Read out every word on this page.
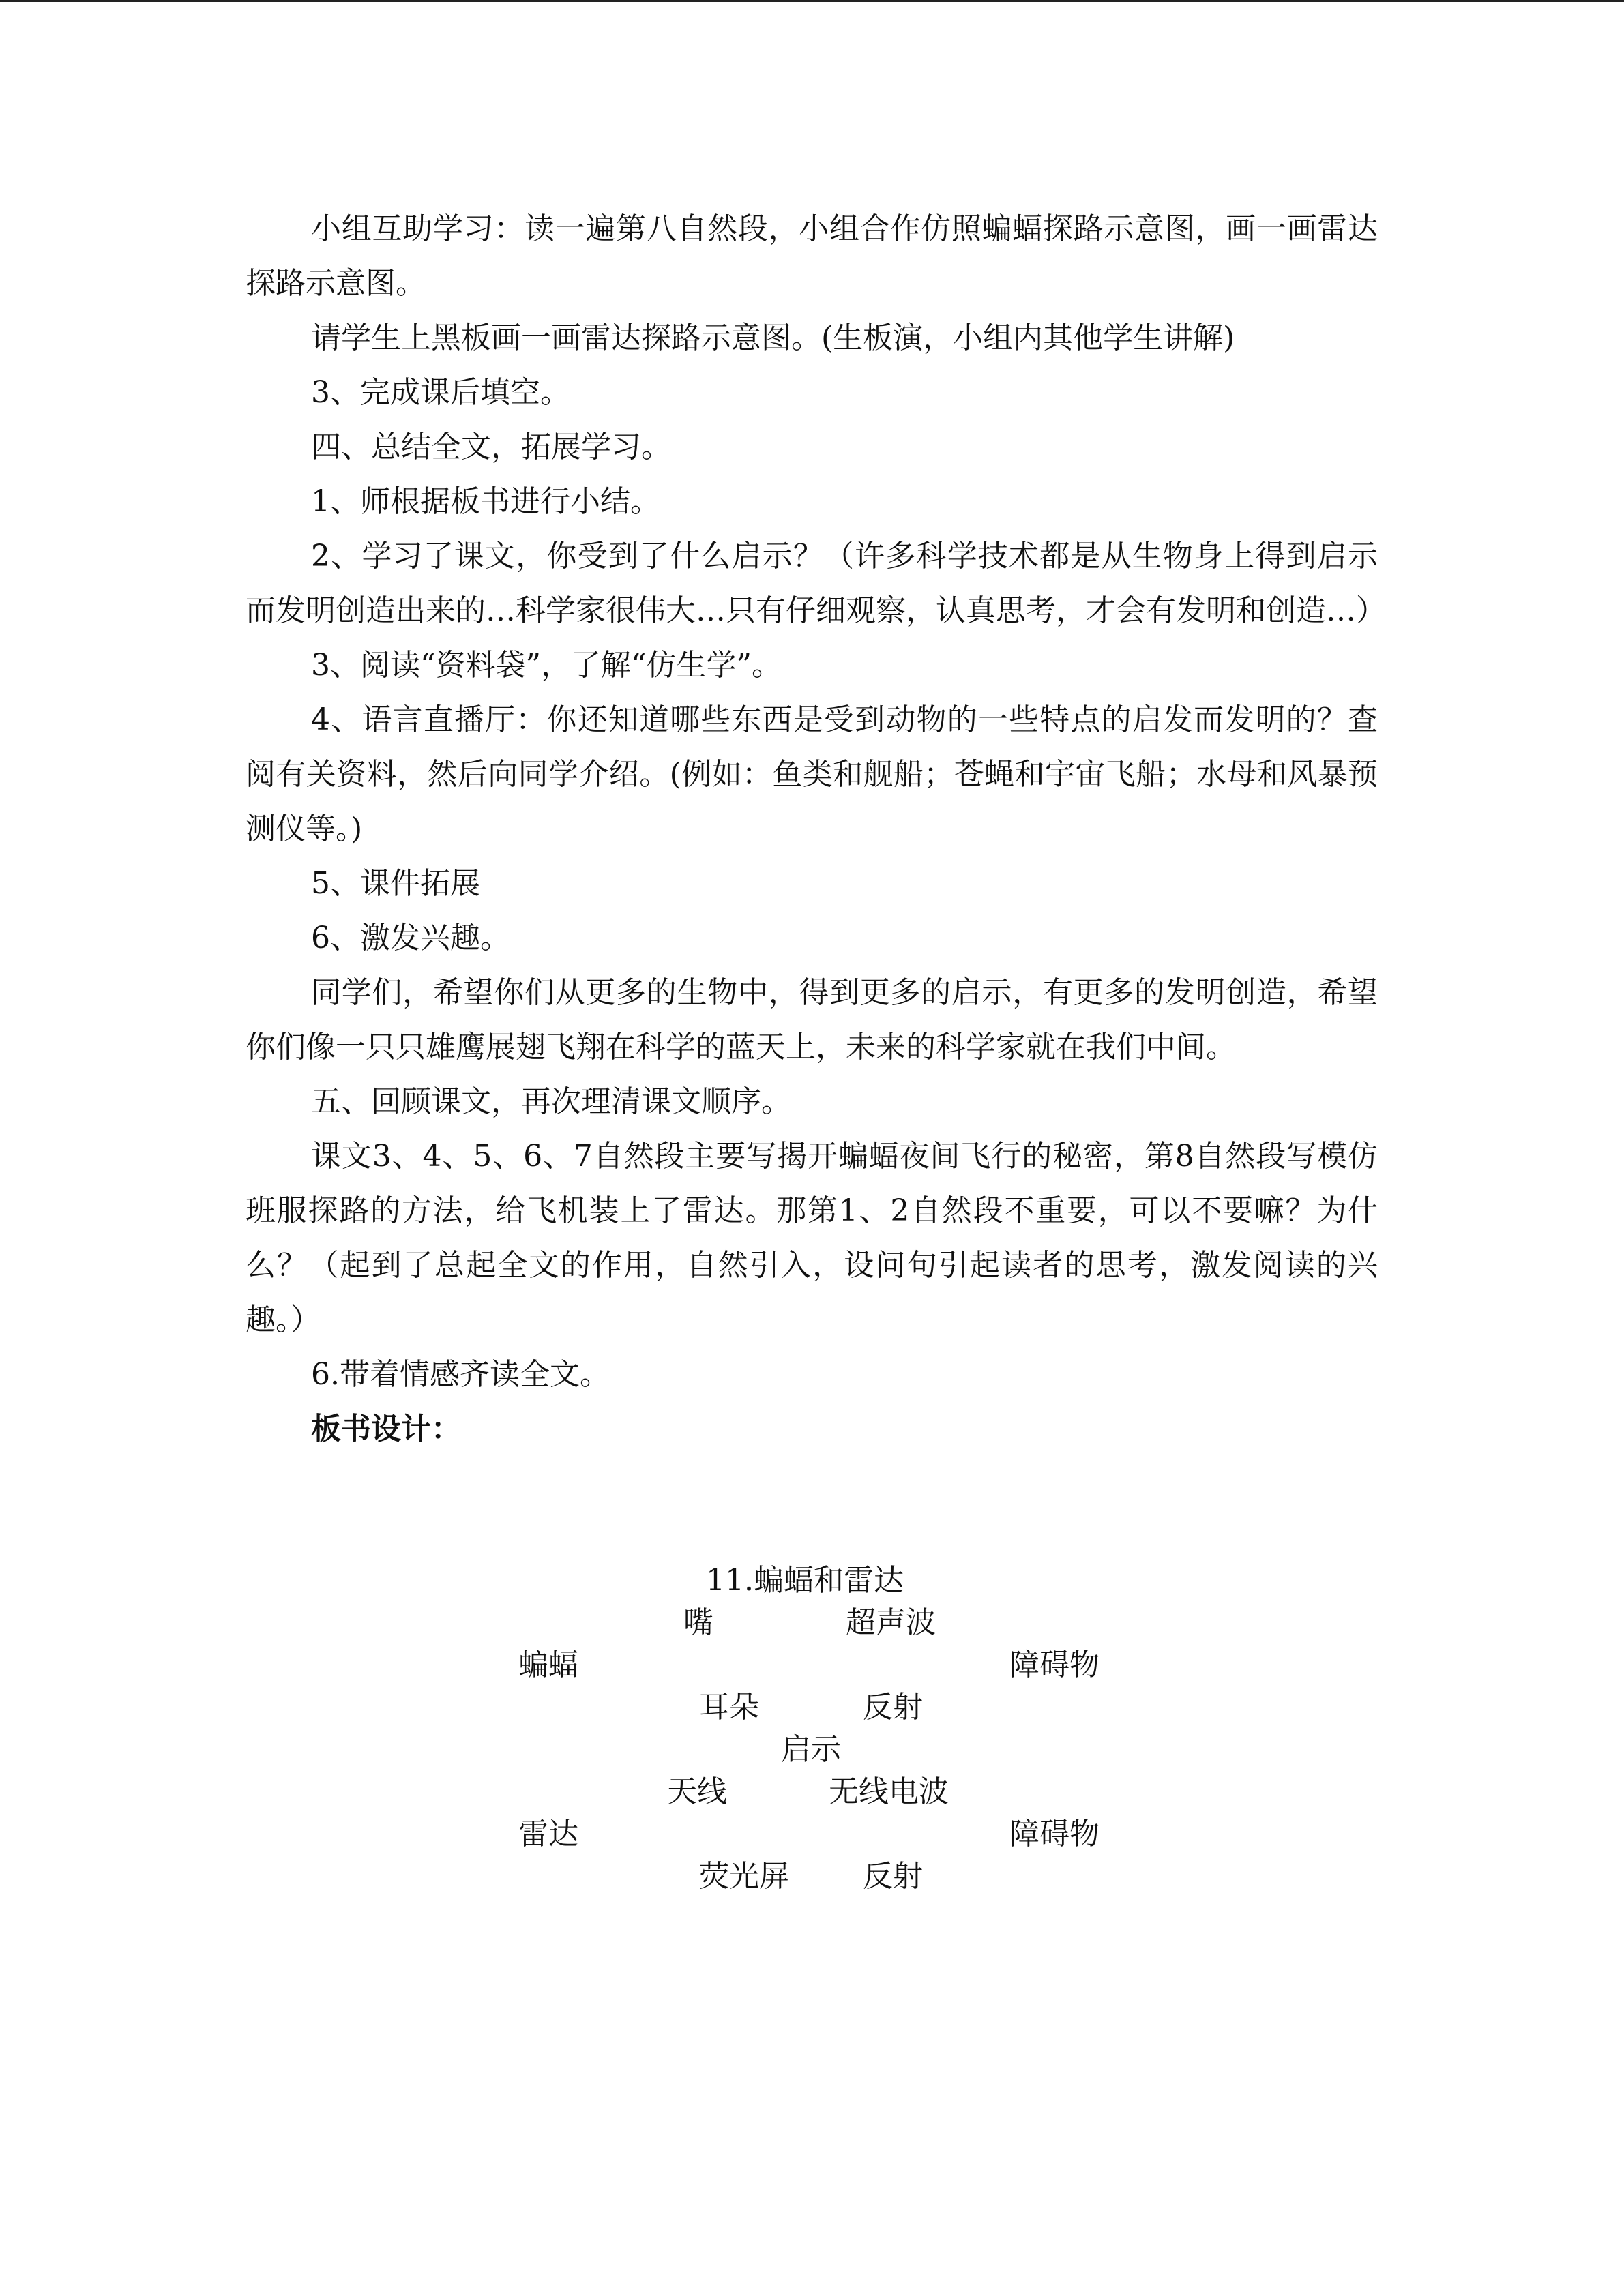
小组互助学习：读一遍第八自然段，小组合作仿照蝙蝠探路示意图，画一画雷达探路示意图。

请学生上黑板画一画雷达探路示意图。(生板演，小组内其他学生讲解)

3、完成课后填空。

四、总结全文，拓展学习。

1、师根据板书进行小结。

2、学习了课文，你受到了什么启示？（许多科学技术都是从生物身上得到启示而发明创造出来的…科学家很伟大…只有仔细观察，认真思考，才会有发明和创造…）

3、阅读“资料袋”，了解“仿生学”。

4、语言直播厅：你还知道哪些东西是受到动物的一些特点的启发而发明的？查阅有关资料，然后向同学介绍。(例如：鱼类和舰船；苍蝇和宇宙飞船；水母和风暴预测仪等。)

5、课件拓展

6、激发兴趣。

同学们，希望你们从更多的生物中，得到更多的启示，有更多的发明创造，希望你们像一只只雄鹰展翅飞翔在科学的蓝天上，未来的科学家就在我们中间。

五、回顾课文，再次理清课文顺序。

课文3、4、5、6、7自然段主要写揭开蝙蝠夜间飞行的秘密，第8自然段写模仿班服探路的方法，给飞机装上了雷达。那第1、2自然段不重要，可以不要嘛？为什么？（起到了总起全文的作用，自然引入，设问句引起读者的思考，激发阅读的兴趣。）

6.带着情感齐读全文。

板书设计：

11.蝙蝠和雷达
嘴	超声波
蝙蝠	障碍物
耳朵	反射
启示
天线	无线电波
雷达	障碍物
荧光屏 反射
